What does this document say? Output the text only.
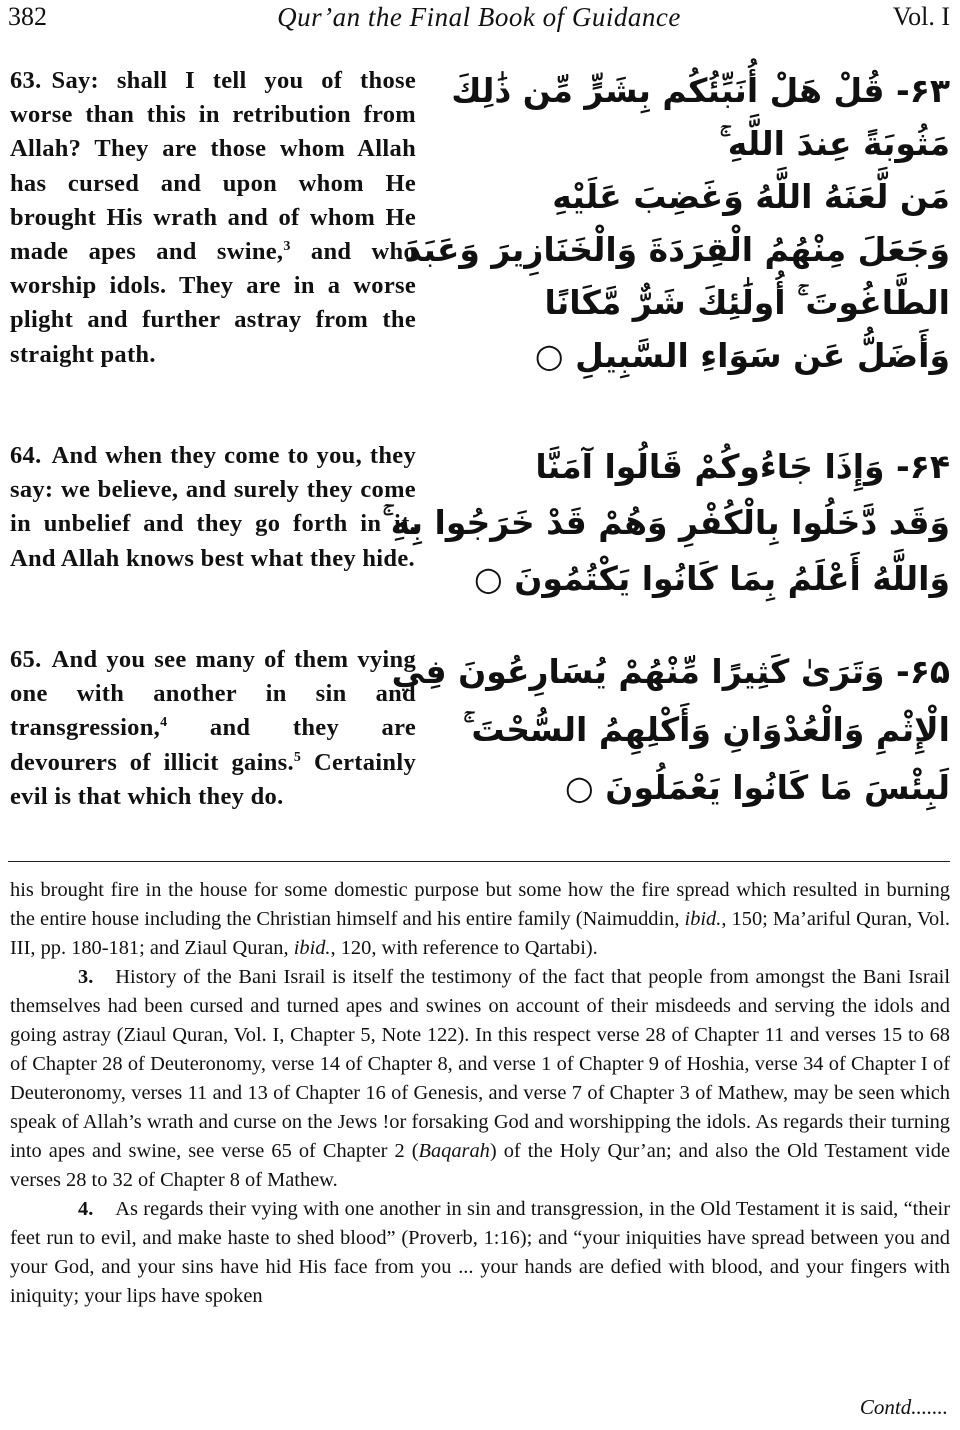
382	Qur’an the Final Book of Guidance	Vol. I
63. Say: shall I tell you of those worse than this in retribution from Allah? They are those whom Allah has cursed and upon whom He brought His wrath and of whom He made apes and swine,$^3$ and who worship idols. They are in a worse plight and further astray from the straight path.
۶۳- قُلْ هَلْ أُنَبِّئُكُم بِشَرٍّ مِّن ذَٰلِكَ
مَثُوبَةً عِندَ اللَّهِ ۚ
مَن لَّعَنَهُ اللَّهُ وَغَضِبَ عَلَيْهِ
وَجَعَلَ مِنْهُمُ الْقِرَدَةَ وَالْخَنَازِيرَ وَعَبَدَ
الطَّاغُوتَ ۚ أُولَٰئِكَ شَرٌّ مَّكَانًا
وَأَضَلُّ عَن سَوَاءِ السَّبِيلِ ○
64. And when they come to you, they say: we believe, and surely they come in unbelief and they go forth in it. And Allah knows best what they hide.
۶۴- وَإِذَا جَاءُوكُمْ قَالُوا آمَنَّا
وَقَد دَّخَلُوا بِالْكُفْرِ وَهُمْ قَدْ خَرَجُوا بِهِ ۚ
وَاللَّهُ أَعْلَمُ بِمَا كَانُوا يَكْتُمُونَ ○
65. And you see many of them vying one with another in sin and transgression,$^4$ and they are devourers of illicit gains.$^5$ Certainly evil is that which they do.
۶۵- وَتَرَىٰ كَثِيرًا مِّنْهُمْ يُسَارِعُونَ فِي
الْإِثْمِ وَالْعُدْوَانِ وَأَكْلِهِمُ السُّحْتَ ۚ
لَبِئْسَ مَا كَانُوا يَعْمَلُونَ ○

his brought fire in the house for some domestic purpose but some how the fire spread which resulted in burning the entire house including the Christian himself and his entire family (Naimuddin, ibid., 150; Ma’ariful Quran, Vol. III, pp. 180-181; and Ziaul Quran, ibid., 120, with reference to Qartabi).

3. History of the Bani Israil is itself the testimony of the fact that people from amongst the Bani Israil themselves had been cursed and turned apes and swines on account of their misdeeds and serving the idols and going astray (Ziaul Quran, Vol. I, Chapter 5, Note 122). In this respect verse 28 of Chapter 11 and verses 15 to 68 of Chapter 28 of Deuteronomy, verse 14 of Chapter 8, and verse 1 of Chapter 9 of Hoshia, verse 34 of Chapter I of Deuteronomy, verses 11 and 13 of Chapter 16 of Genesis, and verse 7 of Chapter 3 of Mathew, may be seen which speak of Allah’s wrath and curse on the Jews !or forsaking God and worshipping the idols. As regards their turning into apes and swine, see verse 65 of Chapter 2 (Baqarah) of the Holy Qur’an; and also the Old Testament vide verses 28 to 32 of Chapter 8 of Mathew.

4. As regards their vying with one another in sin and transgression, in the Old Testament it is said, “their feet run to evil, and make haste to shed blood” (Proverb, 1:16); and “your iniquities have spread between you and your God, and your sins have hid His face from you ... your hands are defied with blood, and your fingers with iniquity; your lips have spoken

Contd.......
